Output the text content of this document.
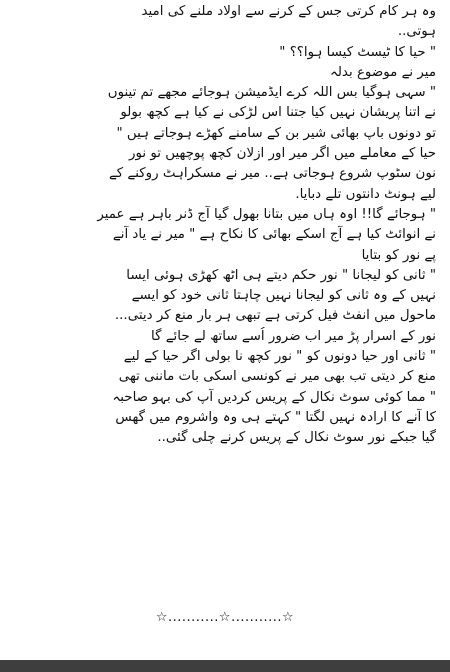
وہ ہر کام کرتی جس کے کرنے سے اولاد ملنے کی امید
ہوتی..
" حیا کا ٹیسٹ کیسا ہوا؟؟ "
میر نے موضوع بدلہ
" سہی ہوگیا بس اللہ کرے ایڈمیشن ہوجائے مجھے تم تینوں
نے اتنا پریشان نہیں کیا جتنا اس لڑکی نے کیا ہے کچھ بولو
تو دونوں باپ بھائی شیر بن کے سامنے کھڑے ہوجاتے ہیں "
حیا کے معاملے میں اگر میر اور ازلان کچھ پوچھیں تو نور
نون سٹوپ شروع ہوجاتی ہے.. میر نے مسکراہٹ روکنے کے
لیے ہونٹ دانتوں تلے دبایا.
" ہوجائے گا!! اوہ ہاں میں بتانا بھول گیا آج ڈنر باہر ہے عمیر
نے انوائٹ کیا ہے آج اسکے بھائی کا نکاح ہے " میر نے یاد آنے
پے نور کو بتایا
" ثانی کو لیجانا " نور حکم دیتے ہی اٹھ کھڑی ہوئی ایسا
نہیں کے وہ ثانی کو لیجانا نہیں چاہتا ثانی خود کو ایسے
ماحول میں انفٹ فیل کرتی ہے تبھی ہر بار منع کر دیتی...
نور کے اسرار پڑ میر اب ضرور اُسے ساتھ لے جائے گا
" ثانی اور حیا دونوں کو " نور کچھ نا بولی اگر حیا کے لیے
منع کر دیتی تب بھی میر نے کونسی اسکی بات ماننی تھی
" مما کوئی سوٹ نکال کے پریس کردیں آپ کی بہو صاحبہ
کا آنے کا ارادہ نہیں لگتا " کہتے ہی وہ واشروم میں گھس
گیا جبکے نور سوٹ نکال کے پریس کرنے چلی گئی..
☆...........☆...........☆
